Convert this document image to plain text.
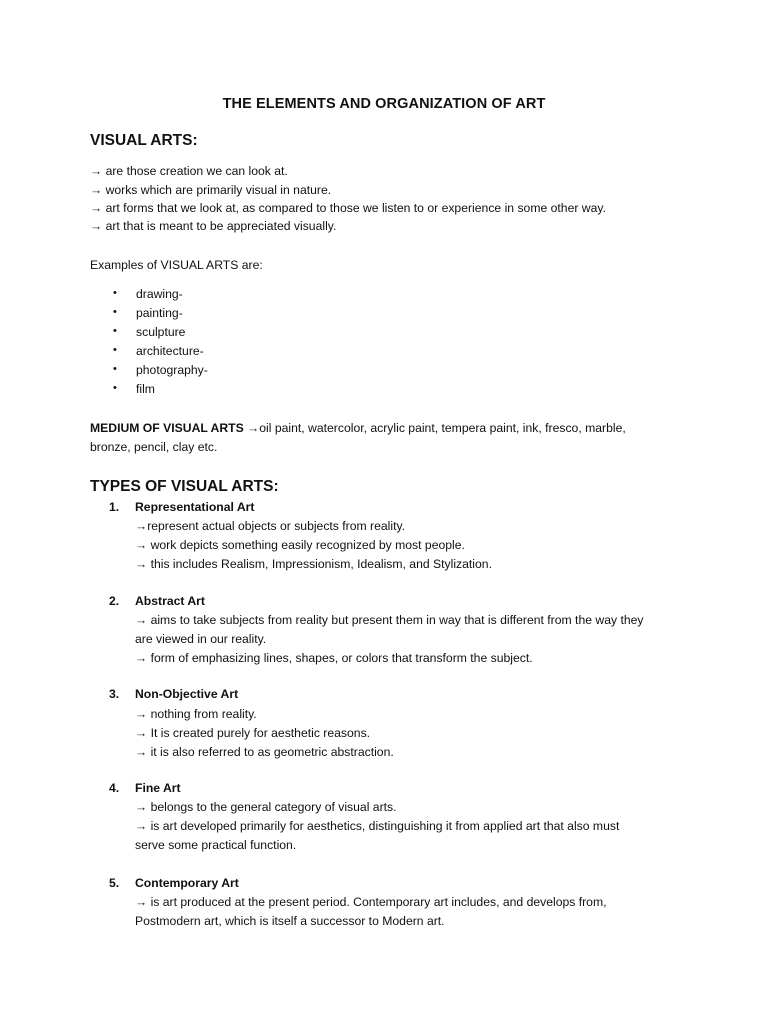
THE ELEMENTS AND ORGANIZATION OF ART
VISUAL ARTS:
→ are those creation we can look at.
→ works which are primarily visual in nature.
→ art forms that we look at, as compared to those we listen to or experience in some other way.
→ art that is meant to be appreciated visually.
Examples of VISUAL ARTS are:
• drawing-
• painting-
• sculpture
• architecture-
• photography-
• film
MEDIUM OF VISUAL ARTS →oil paint, watercolor, acrylic paint, tempera paint, ink, fresco, marble,
bronze, pencil, clay etc.
TYPES OF VISUAL ARTS:
1. Representational Art
→represent actual objects or subjects from reality.
→ work depicts something easily recognized by most people.
→ this includes Realism, Impressionism, Idealism, and Stylization.
2. Abstract Art
→ aims to take subjects from reality but present them in way that is different from the way they
are viewed in our reality.
→ form of emphasizing lines, shapes, or colors that transform the subject.
3. Non-Objective Art
→ nothing from reality.
→ It is created purely for aesthetic reasons.
→ it is also referred to as geometric abstraction.
4. Fine Art
→ belongs to the general category of visual arts.
→ is art developed primarily for aesthetics, distinguishing it from applied art that also must
serve some practical function.
5. Contemporary Art
→ is art produced at the present period. Contemporary art includes, and develops from,
Postmodern art, which is itself a successor to Modern art.
